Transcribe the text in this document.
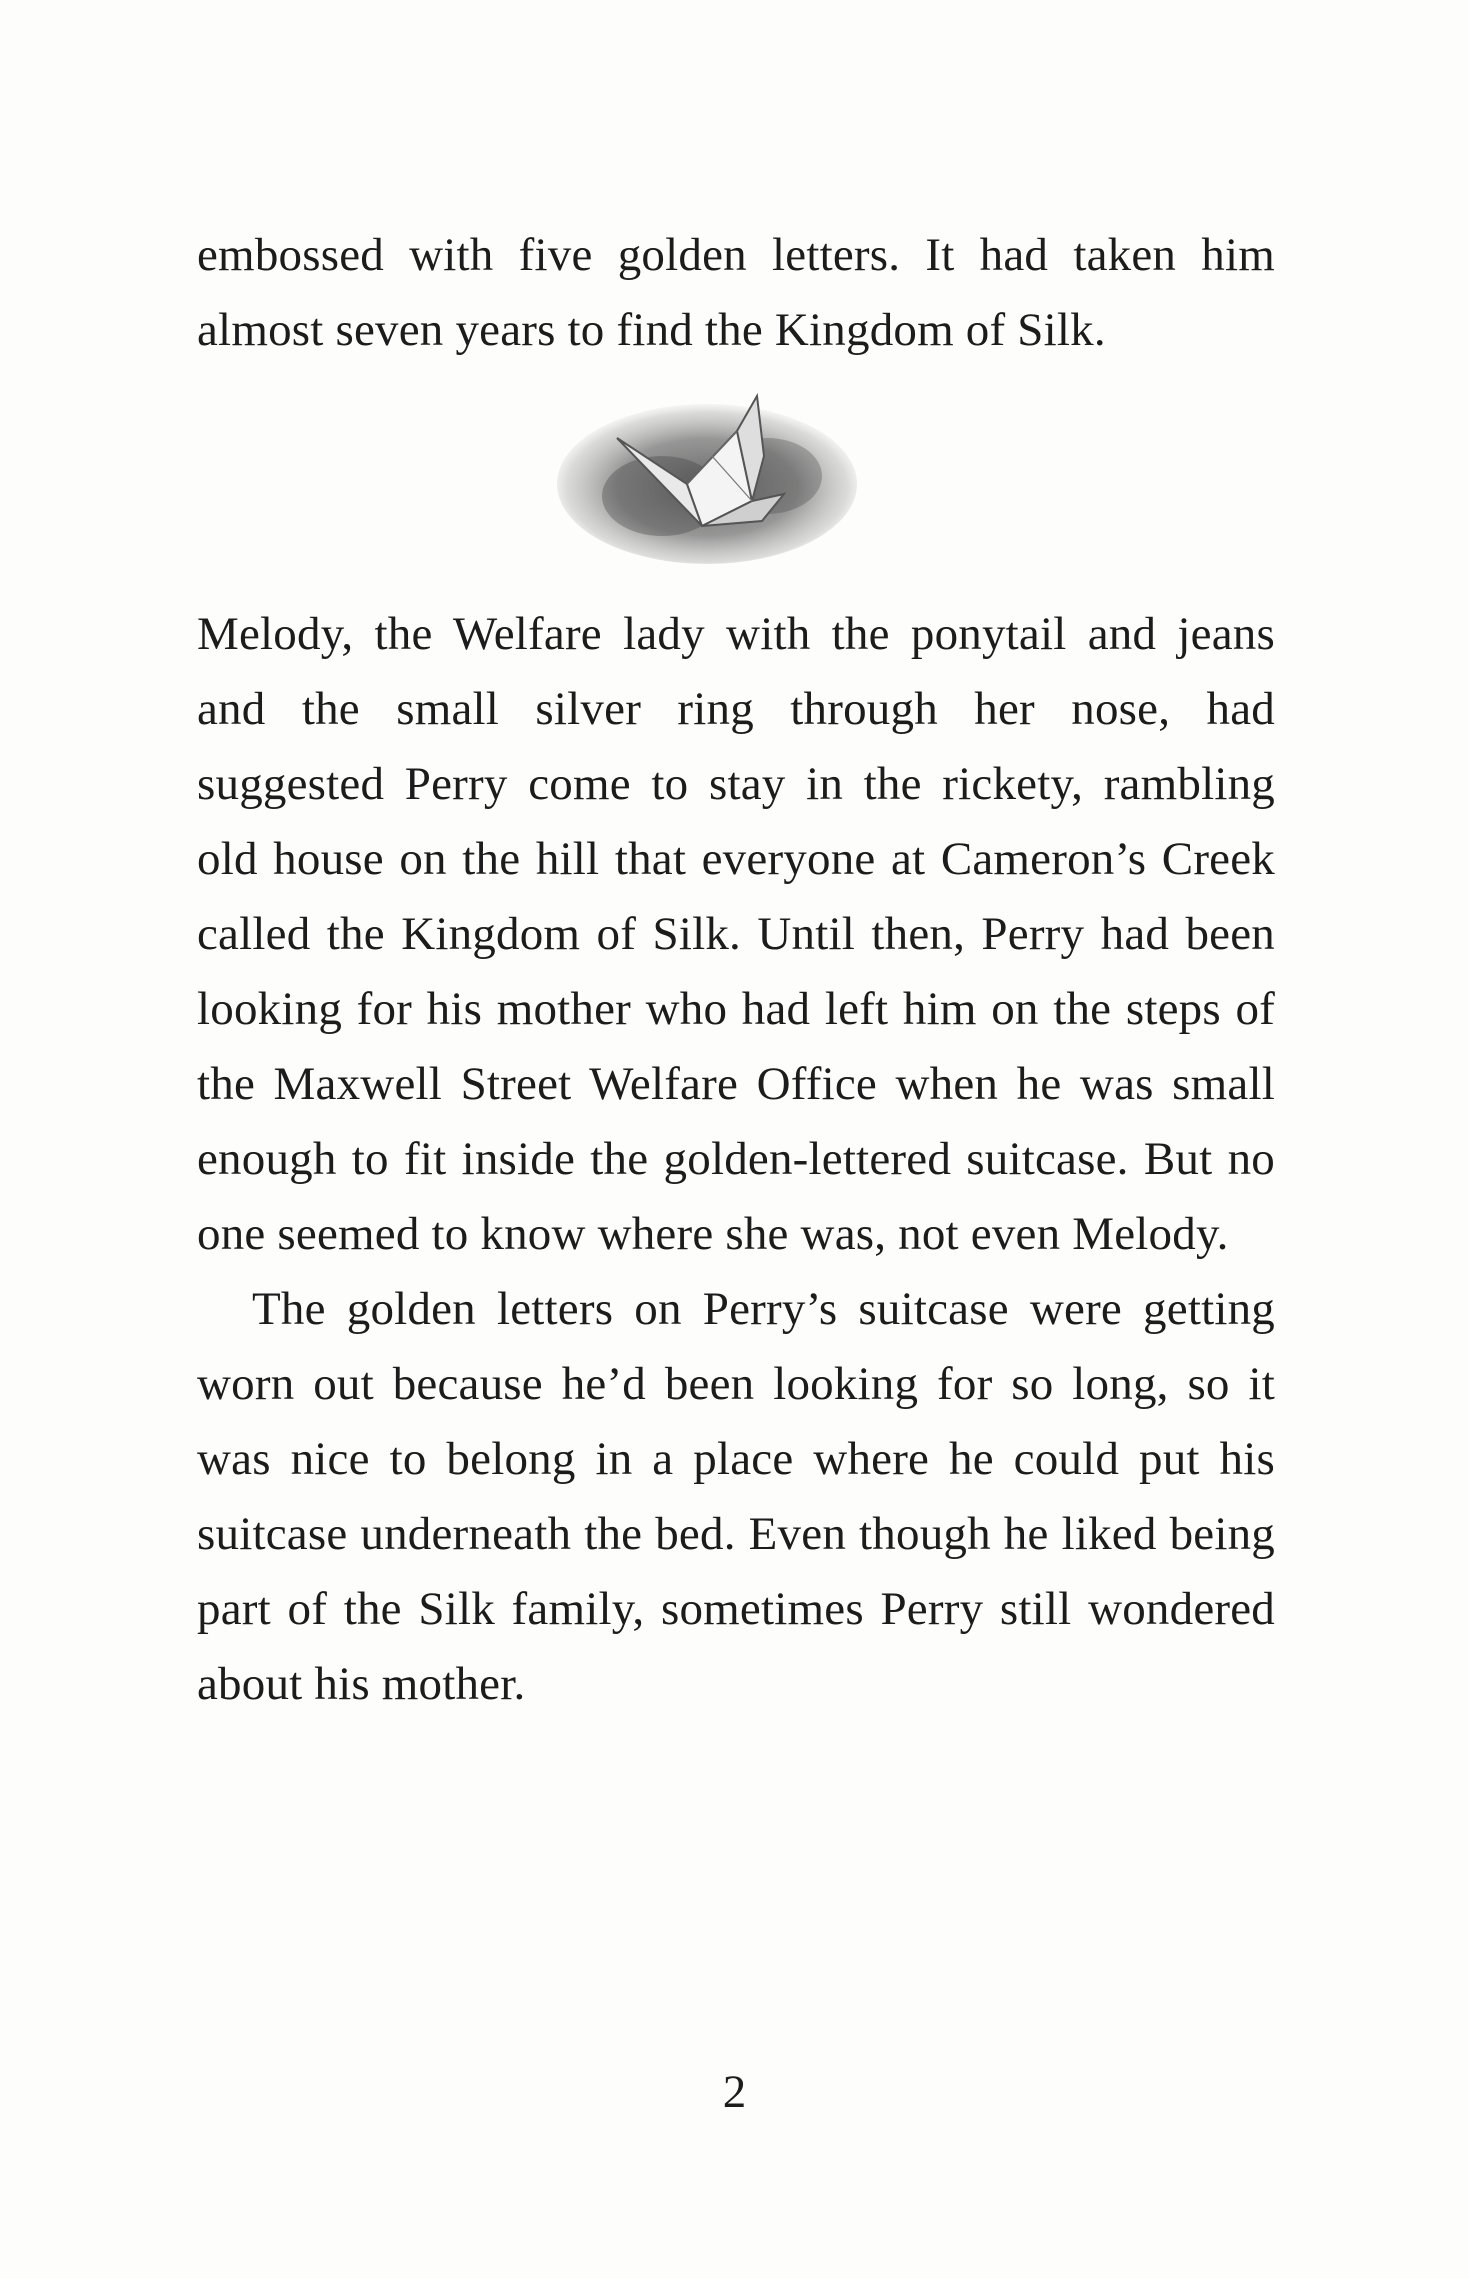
embossed with five golden letters. It had taken him almost seven years to find the Kingdom of Silk.

Melody, the Welfare lady with the ponytail and jeans and the small silver ring through her nose, had suggested Perry come to stay in the rickety, rambling old house on the hill that everyone at Cameron’s Creek called the Kingdom of Silk. Until then, Perry had been looking for his mother who had left him on the steps of the Maxwell Street Welfare Office when he was small enough to fit inside the golden-lettered suitcase. But no one seemed to know where she was, not even Melody.

The golden letters on Perry’s suitcase were getting worn out because he’d been looking for so long, so it was nice to belong in a place where he could put his suitcase underneath the bed. Even though he liked being part of the Silk family, sometimes Perry still wondered about his mother.

2
